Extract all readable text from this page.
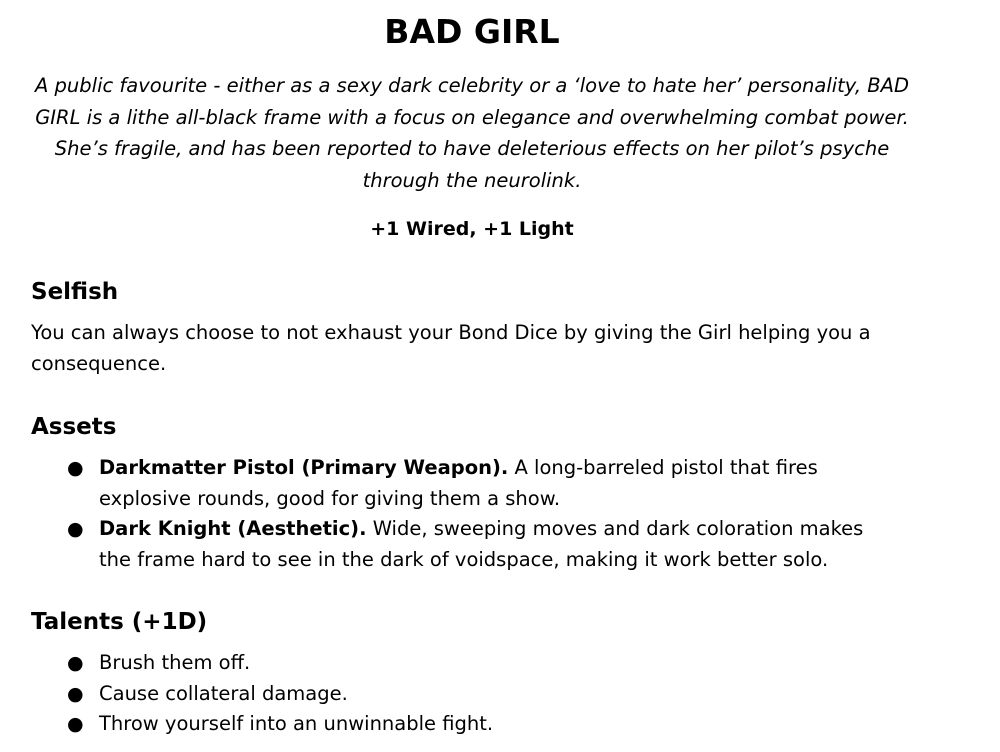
BAD GIRL

A public favourite - either as a sexy dark celebrity or a ‘love to hate her’ personality, BAD GIRL is a lithe all-black frame with a focus on elegance and overwhelming combat power. She’s fragile, and has been reported to have deleterious effects on her pilot’s psyche through the neurolink.

+1 Wired, +1 Light

Selfish

You can always choose to not exhaust your Bond Dice by giving the Girl helping you a consequence.

Assets
● Darkmatter Pistol (Primary Weapon). A long-barreled pistol that fires explosive rounds, good for giving them a show.
● Dark Knight (Aesthetic). Wide, sweeping moves and dark coloration makes the frame hard to see in the dark of voidspace, making it work better solo.
Talents (+1D)
● Brush them off.
● Cause collateral damage.
● Throw yourself into an unwinnable fight.
